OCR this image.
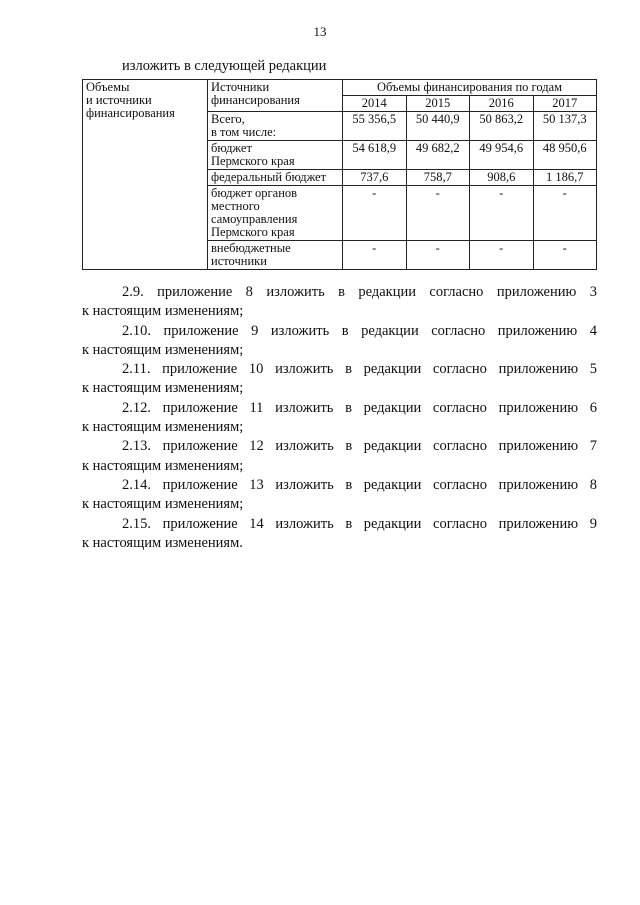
13
изложить в следующей редакции
Объемы
и источники
финансирования	Источники
финансирования	Объемы финансирования по годам			
		2014	2015	2016	2017
	Всего,
в том числе:	55 356,5	50 440,9	50 863,2	50 137,3
	бюджет
Пермского края	54 618,9	49 682,2	49 954,6	48 950,6
	федеральный бюджет	737,6	758,7	908,6	1 186,7
	бюджет органов
местного
самоуправления
Пермского края	-	-	-	-
	внебюджетные
источники	-	-	-	-

2.9. приложение 8 изложить в редакции согласно приложению 3
к настоящим изменениям;

2.10. приложение 9 изложить в редакции согласно приложению 4
к настоящим изменениям;

2.11. приложение 10 изложить в редакции согласно приложению 5
к настоящим изменениям;

2.12. приложение 11 изложить в редакции согласно приложению 6
к настоящим изменениям;

2.13. приложение 12 изложить в редакции согласно приложению 7
к настоящим изменениям;

2.14. приложение 13 изложить в редакции согласно приложению 8
к настоящим изменениям;

2.15. приложение 14 изложить в редакции согласно приложению 9
к настоящим изменениям.
